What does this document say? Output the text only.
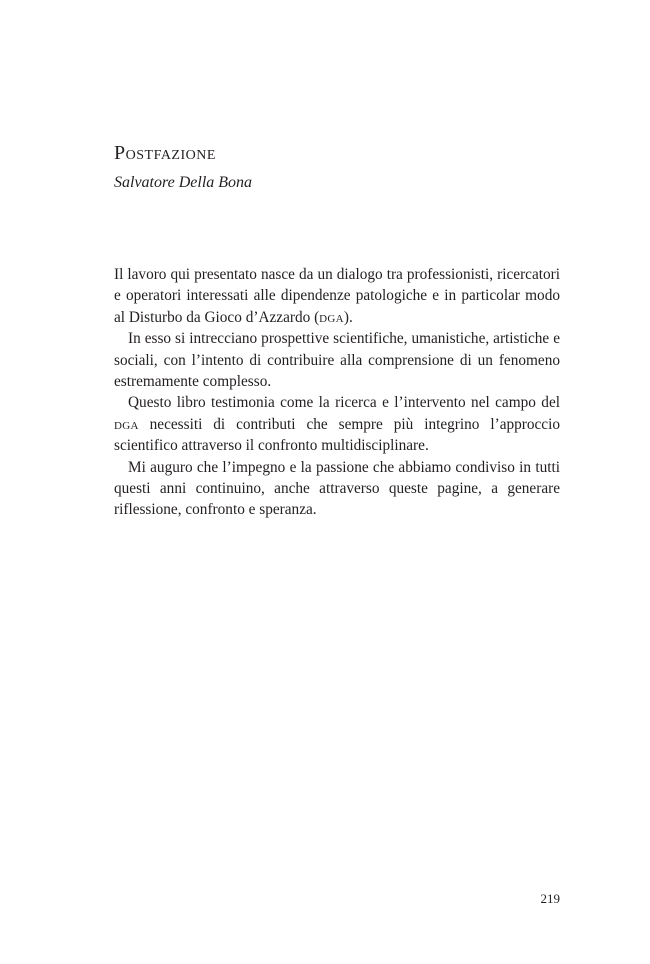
Postfazione

Salvatore Della Bona

Il lavoro qui presentato nasce da un dialogo tra professionisti, ricercatori e operatori interessati alle dipendenze patologiche e in particolar modo al Disturbo da Gioco d’Azzardo (dga).

In esso si intrecciano prospettive scientifiche, umanistiche, artistiche e sociali, con l’intento di contribuire alla comprensione di un fenomeno estremamente complesso.

Questo libro testimonia come la ricerca e l’intervento nel campo del dga necessiti di contributi che sempre più integrino l’approccio scientifico attraverso il confronto multidisciplinare.

Mi auguro che l’impegno e la passione che abbiamo condiviso in tutti questi anni continuino, anche attraverso queste pagine, a generare riflessione, confronto e speranza.

219
